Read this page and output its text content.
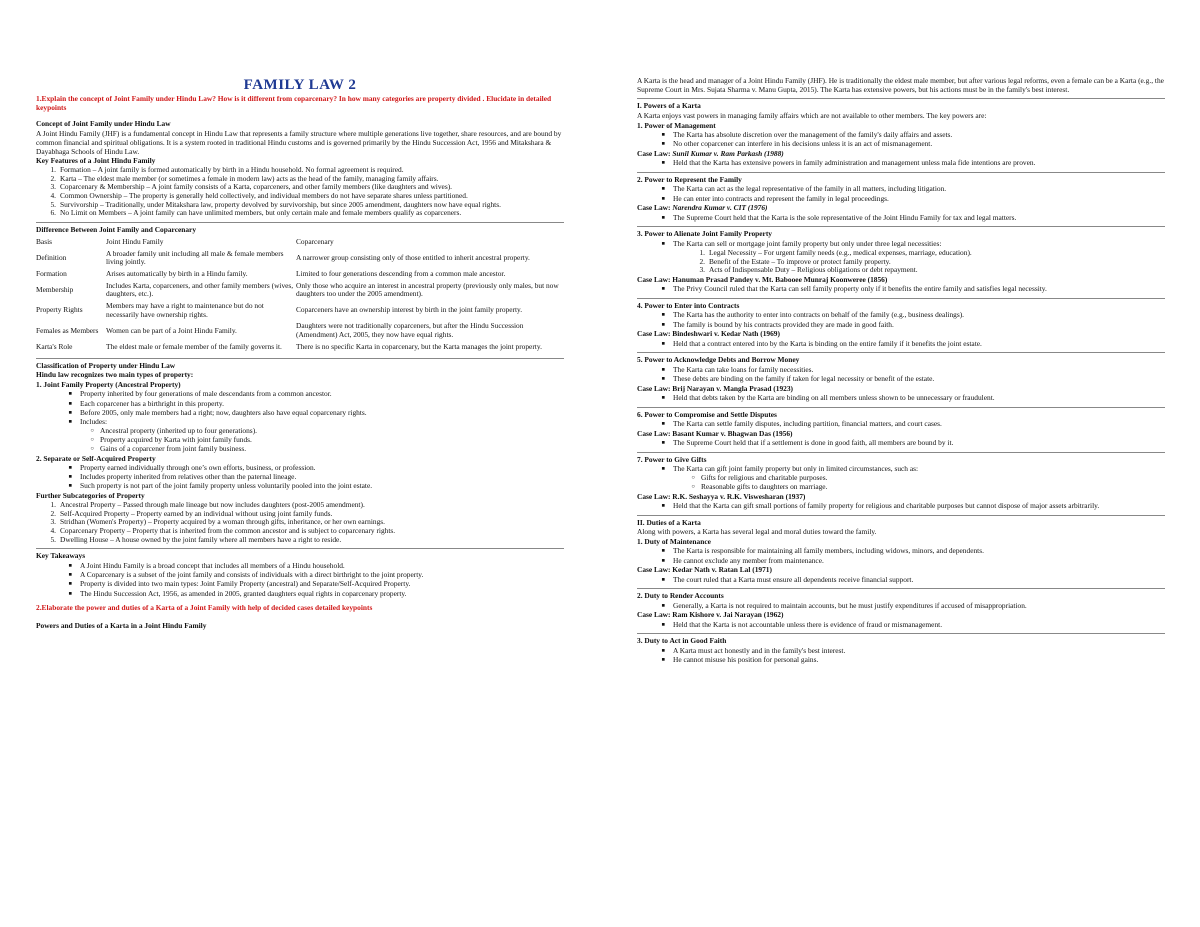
FAMILY LAW 2
1.Explain the concept of Joint Family under Hindu Law? How is it different from coparcenary? In how many categories are property divided . Elucidate in detailed keypoints
Concept of Joint Family under Hindu Law
A Joint Hindu Family (JHF) is a fundamental concept in Hindu Law that represents a family structure where multiple generations live together, share resources, and are bound by common financial and spiritual obligations. It is a system rooted in traditional Hindu customs and is governed primarily by the Hindu Succession Act, 1956 and Mitakshara & Dayabhaga Schools of Hindu Law.
Key Features of a Joint Hindu Family
1. Formation – A joint family is formed automatically by birth in a Hindu household. No formal agreement is required.
2. Karta – The eldest male member (or sometimes a female in modern law) acts as the head of the family, managing family affairs.
3. Coparcenary & Membership – A joint family consists of a Karta, coparceners, and other family members (like daughters and wives).
4. Common Ownership – The property is generally held collectively, and individual members do not have separate shares unless partitioned.
5. Survivorship – Traditionally, under Mitakshara law, property devolved by survivorship, but since 2005 amendment, daughters now have equal rights.
6. No Limit on Members – A joint family can have unlimited members, but only certain male and female members qualify as coparceners.
Difference Between Joint Family and Coparcenary
Basis	Joint Hindu Family	Coparcenary
Definition	A broader family unit including all male & female members living jointly.	A narrower group consisting only of those entitled to inherit ancestral property.
Formation	Arises automatically by birth in a Hindu family.	Limited to four generations descending from a common male ancestor.
Membership	Includes Karta, coparceners, and other family members (wives, daughters, etc.).	Only those who acquire an interest in ancestral property (previously only males, but now daughters too under the 2005 amendment).
Property Rights	Members may have a right to maintenance but do not necessarily have ownership rights.	Coparceners have an ownership interest by birth in the joint family property.
Females as Members	Women can be part of a Joint Hindu Family.	Daughters were not traditionally coparceners, but after the Hindu Succession (Amendment) Act, 2005, they now have equal rights.
Karta's Role	The eldest male or female member of the family governs it.	There is no specific Karta in coparcenary, but the Karta manages the joint property.
Classification of Property under Hindu Law
Hindu law recognizes two main types of property:
1. Joint Family Property (Ancestral Property)
■	Property inherited by four generations of male descendants from a common ancestor.
■	Each coparcener has a birthright in this property.
■	Before 2005, only male members had a right; now, daughters also have equal coparcenary rights.
■	Includes:
○ Ancestral property (inherited up to four generations).
○ Property acquired by Karta with joint family funds.
○ Gains of a coparcener from joint family business.
2. Separate or Self-Acquired Property
■	Property earned individually through one’s own efforts, business, or profession.
■	Includes property inherited from relatives other than the paternal lineage.
■	Such property is not part of the joint family property unless voluntarily pooled into the joint estate.
Further Subcategories of Property
1. Ancestral Property – Passed through male lineage but now includes daughters (post-2005 amendment).
2. Self-Acquired Property – Property earned by an individual without using joint family funds.
3. Stridhan (Women's Property) – Property acquired by a woman through gifts, inheritance, or her own earnings.
4. Coparcenary Property – Property that is inherited from the common ancestor and is subject to coparcenary rights.
5. Dwelling House – A house owned by the joint family where all members have a right to reside.
Key Takeaways
■	A Joint Hindu Family is a broad concept that includes all members of a Hindu household.
■	A Coparcenary is a subset of the joint family and consists of individuals with a direct birthright to the joint property.
■	Property is divided into two main types: Joint Family Property (ancestral) and Separate/Self-Acquired Property.
■	The Hindu Succession Act, 1956, as amended in 2005, granted daughters equal rights in coparcenary property.
2.Elaborate the power and duties of a Karta of a Joint Family with help of decided cases detailed keypoints
Powers and Duties of a Karta in a Joint Hindu Family
A Karta is the head and manager of a Joint Hindu Family (JHF). He is traditionally the eldest male member, but after various legal reforms, even a female can be a Karta (e.g., the Supreme Court in Mrs. Sujata Sharma v. Manu Gupta, 2015). The Karta has extensive powers, but his actions must be in the family's best interest.
I. Powers of a Karta
A Karta enjoys vast powers in managing family affairs which are not available to other members. The key powers are:
1. Power of Management
■	The Karta has absolute discretion over the management of the family's daily affairs and assets.
■	No other coparcener can interfere in his decisions unless it is an act of mismanagement.
Case Law: Sunil Kumar v. Ram Parkash (1988)
■	Held that the Karta has extensive powers in family administration and management unless mala fide intentions are proven.
2. Power to Represent the Family
■	The Karta can act as the legal representative of the family in all matters, including litigation.
■	He can enter into contracts and represent the family in legal proceedings.
Case Law: Narendra Kumar v. CIT (1976)
■	The Supreme Court held that the Karta is the sole representative of the Joint Hindu Family for tax and legal matters.
3. Power to Alienate Joint Family Property
■	The Karta can sell or mortgage joint family property but only under three legal necessities:
1. Legal Necessity – For urgent family needs (e.g., medical expenses, marriage, education).
2. Benefit of the Estate – To improve or protect family property.
3. Acts of Indispensable Duty – Religious obligations or debt repayment.
Case Law: Hanuman Prasad Pandey v. Mt. Babooee Munraj Koonweree (1856)
■	The Privy Council ruled that the Karta can sell family property only if it benefits the entire family and satisfies legal necessity.
4. Power to Enter into Contracts
■	The Karta has the authority to enter into contracts on behalf of the family (e.g., business dealings).
■	The family is bound by his contracts provided they are made in good faith.
Case Law: Bindeshwari v. Kedar Nath (1969)
■	Held that a contract entered into by the Karta is binding on the entire family if it benefits the joint estate.
5. Power to Acknowledge Debts and Borrow Money
■	The Karta can take loans for family necessities.
■	These debts are binding on the family if taken for legal necessity or benefit of the estate.
Case Law: Brij Narayan v. Mangla Prasad (1923)
■	Held that debts taken by the Karta are binding on all members unless shown to be unnecessary or fraudulent.
6. Power to Compromise and Settle Disputes
■	The Karta can settle family disputes, including partition, financial matters, and court cases.
Case Law: Basant Kumar v. Bhagwan Das (1956)
■	The Supreme Court held that if a settlement is done in good faith, all members are bound by it.
7. Power to Give Gifts
■	The Karta can gift joint family property but only in limited circumstances, such as:
○ Gifts for religious and charitable purposes.
○ Reasonable gifts to daughters on marriage.
Case Law: R.K. Seshayya v. R.K. Viswesharan (1937)
■	Held that the Karta can gift small portions of family property for religious and charitable purposes but cannot dispose of major assets arbitrarily.
II. Duties of a Karta
Along with powers, a Karta has several legal and moral duties toward the family.
1. Duty of Maintenance
■	The Karta is responsible for maintaining all family members, including widows, minors, and dependents.
■	He cannot exclude any member from maintenance.
Case Law: Kedar Nath v. Ratan Lal (1971)
■	The court ruled that a Karta must ensure all dependents receive financial support.
2. Duty to Render Accounts
■	Generally, a Karta is not required to maintain accounts, but he must justify expenditures if accused of misappropriation.
Case Law: Ram Kishore v. Jai Narayan (1962)
■	Held that the Karta is not accountable unless there is evidence of fraud or mismanagement.
3. Duty to Act in Good Faith
■	A Karta must act honestly and in the family's best interest.
■	He cannot misuse his position for personal gains.
